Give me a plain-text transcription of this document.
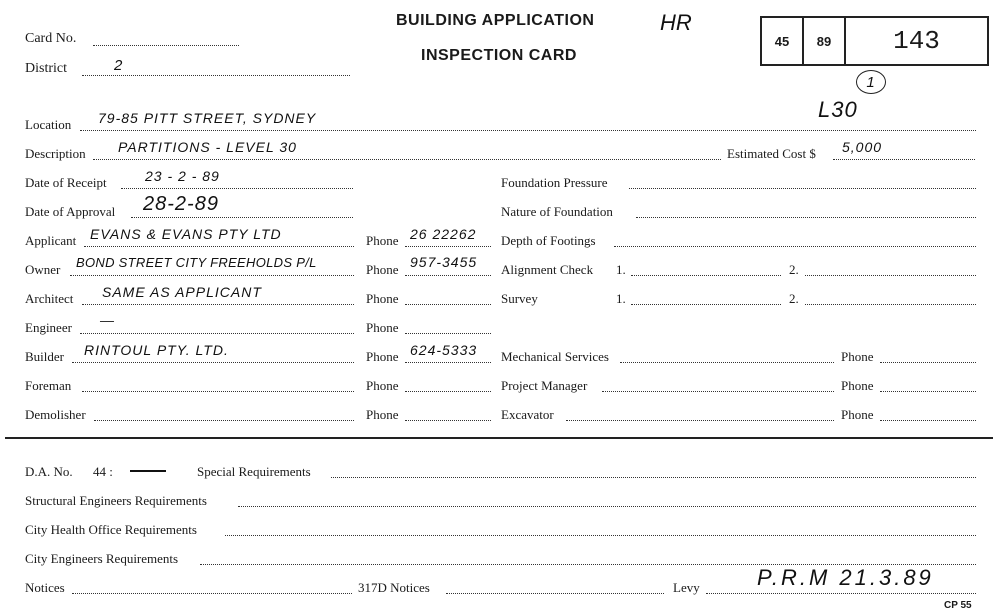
Card No.
District	2
BUILDING APPLICATION
INSPECTION CARD
HR
45	89	143
1
L30
Location 79-85 PITT STREET, SYDNEY
Description PARTITIONS - LEVEL 30	Estimated Cost $ 5,000
Date of Receipt	23 - 2 - 89
Date of Approval 28-2-89
Applicant EVANS & EVANS PTY LTD	Phone 26 22262
Owner BOND STREET CITY FREEHOLDS P/L	Phone 957-3455
Architect SAME AS APPLICANT	Phone
Engineer —	Phone
Builder RINTOUL PTY. LTD.	Phone 624-5333
Foreman	Phone
Demolisher	Phone
Foundation Pressure
Nature of Foundation
Depth of Footings
Alignment Check 1.	2.
Survey	1.	2.
Mechanical Services	Phone
Project Manager	Phone
Excavator	Phone
D.A. No. 44 :	Special Requirements
Structural Engineers Requirements
City Health Office Requirements
City Engineers Requirements
Notices	317D Notices	Levy	P.R.M 21.3.89
CP 55
